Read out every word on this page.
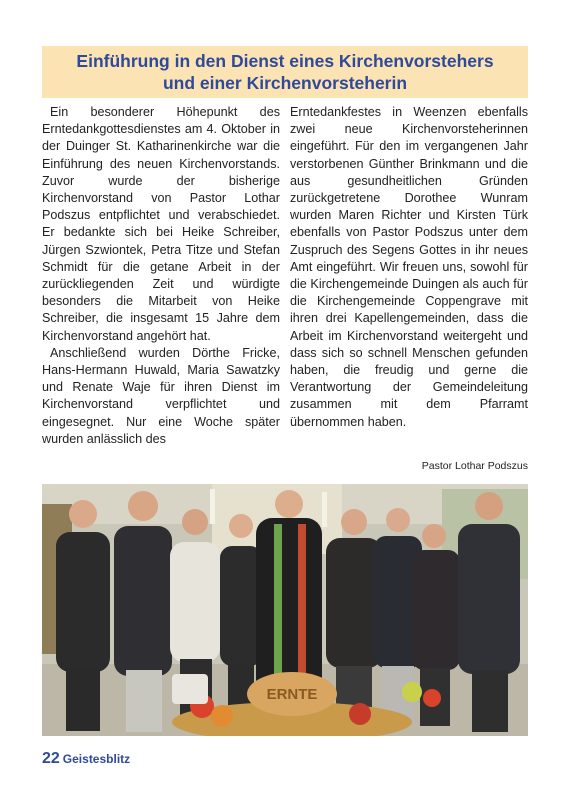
Einführung in den Dienst eines Kirchenvorstehers
und einer Kirchenvorsteherin

Ein besonderer Höhepunkt des Erntedankgottesdienstes am 4. Oktober in der Duinger St. Katharinenkirche war die Einführung des neuen Kirchenvorstands. Zuvor wurde der bisherige Kirchenvorstand von Pastor Lothar Podszus entpflichtet und verabschiedet. Er bedankte sich bei Heike Schreiber, Jürgen Szwiontek, Petra Titze und Stefan Schmidt für die getane Arbeit in der zurückliegenden Zeit und würdigte besonders die Mitarbeit von Heike Schreiber, die insgesamt 15 Jahre dem Kirchenvorstand angehört hat.

Anschließend wurden Dörthe Fricke, Hans-Hermann Huwald, Maria Sawatzky und Renate Waje für ihren Dienst im Kirchenvorstand verpflichtet und eingesegnet. Nur eine Woche später wurden anlässlich des

Erntedankfestes in Weenzen ebenfalls zwei neue Kirchenvorsteherinnen eingeführt. Für den im vergangenen Jahr verstorbenen Günther Brinkmann und die aus gesundheitlichen Gründen zurückgetretene Dorothee Wunram wurden Maren Richter und Kirsten Türk ebenfalls von Pastor Podszus unter dem Zuspruch des Segens Gottes in ihr neues Amt eingeführt. Wir freuen uns, sowohl für die Kirchengemeinde Duingen als auch für die Kirchengemeinde Coppengrave mit ihren drei Kapellengemeinden, dass die Arbeit im Kirchenvorstand weitergeht und dass sich so schnell Menschen gefunden haben, die freudig und gerne die Verantwortung der Gemeindeleitung zusammen mit dem Pfarramt übernommen haben.

Pastor Lothar Podszus
ERNTE
22 Geistesblitz
